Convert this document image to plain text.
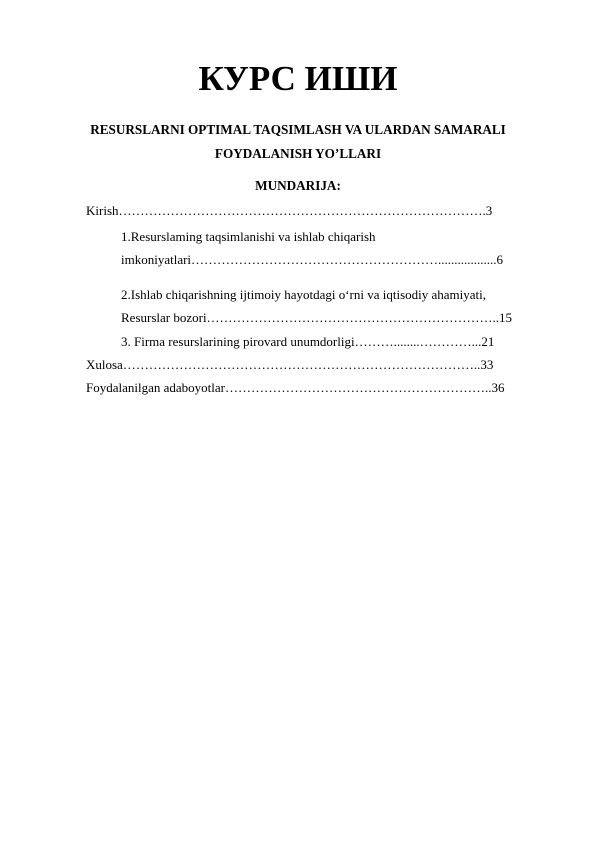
КУРС ИШИ
RESURSLARNI OPTIMAL TAQSIMLASH VA ULARDAN SAMARALI
FOYDALANISH YO’LLARI
MUNDARIJA:
Kirish………………………………………………………………………….3
1.Resurslaming taqsimlanishi va ishlab chiqarish
imkoniyatlari…………………………………………………..................6
2.Ishlab chiqarishning ijtimoiy hayotdagi o‘rni va iqtisodiy ahamiyati,
Resurslar bozori…………………………………………………………..15
3. Firma resurslarining pirovard unumdorligi………........…………...21
Xulosa………………………………………………………………………..33
Foydalanilgan adaboyotlar……………………………………………………..36
